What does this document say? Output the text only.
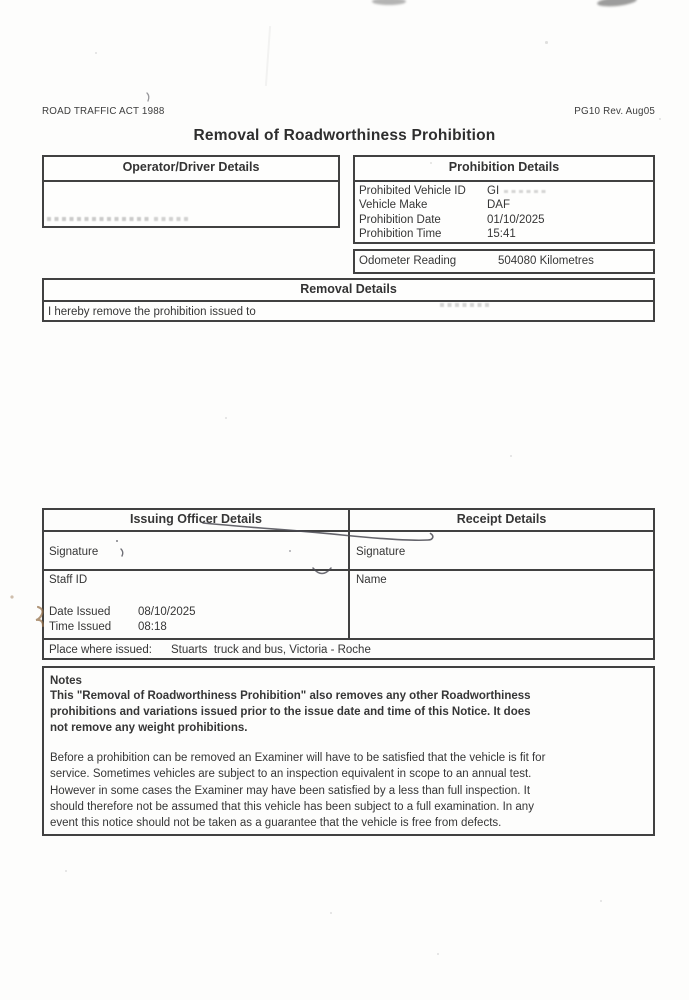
ROAD TRAFFIC ACT 1988	PG10 Rev. Aug05
Removal of Roadworthiness Prohibition
Operator/Driver Details	Prohibition Details
Prohibited Vehicle ID GI
Vehicle Make	DAF
Prohibition Date	01/10/2025
Prohibition Time	15:41
Odometer Reading	504080 Kilometres
Removal Details
I hereby remove the prohibition issued to
Issuing Officer Details	Receipt Details
Signature	Signature
Staff ID	Name
Date Issued 08/10/2025
Time Issued 08:18
Place where issued: Stuarts  truck and bus, Victoria - Roche
Notes
This "Removal of Roadworthiness Prohibition" also removes any other Roadworthiness
prohibitions and variations issued prior to the issue date and time of this Notice. It does
not remove any weight prohibitions.
Before a prohibition can be removed an Examiner will have to be satisfied that the vehicle is fit for
service. Sometimes vehicles are subject to an inspection equivalent in scope to an annual test.
However in some cases the Examiner may have been satisfied by a less than full inspection. It
should therefore not be assumed that this vehicle has been subject to a full examination. In any
event this notice should not be taken as a guarantee that the vehicle is free from defects.
